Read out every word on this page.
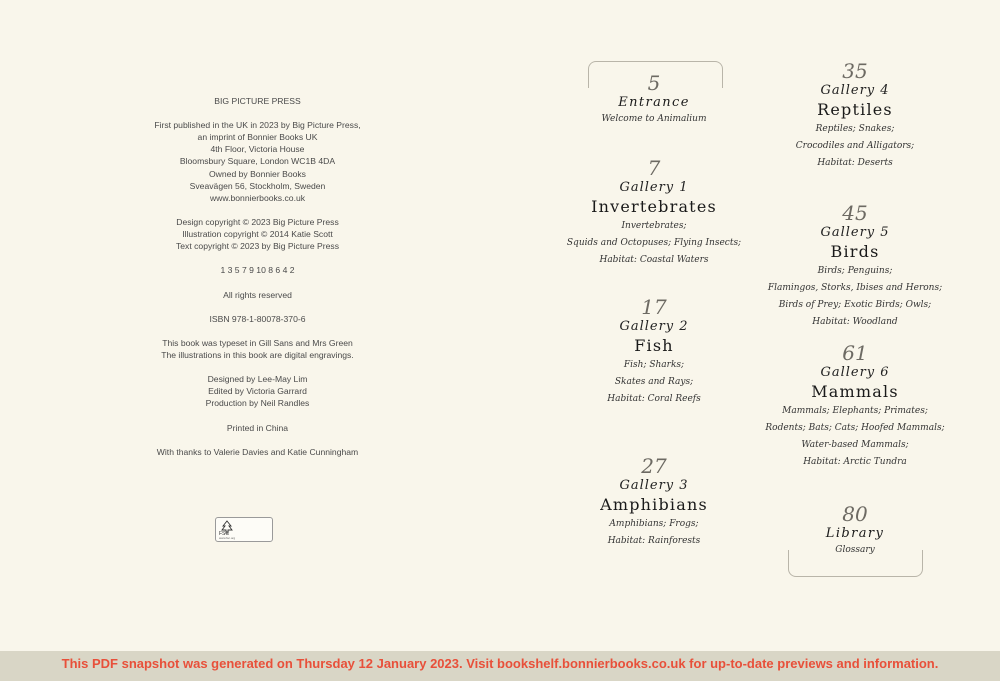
BIG PICTURE PRESS
First published in the UK in 2023 by Big Picture Press,
an imprint of Bonnier Books UK
4th Floor, Victoria House
Bloomsbury Square, London WC1B 4DA
Owned by Bonnier Books
Sveavägen 56, Stockholm, Sweden
www.bonnierbooks.co.uk
Design copyright © 2023 Big Picture Press
Illustration copyright © 2014 Katie Scott
Text copyright © 2023 by Big Picture Press
1 3 5 7 9 10 8 6 4 2
All rights reserved
ISBN 978-1-80078-370-6
This book was typeset in Gill Sans and Mrs Green
The illustrations in this book are digital engravings.
Designed by Lee-May Lim
Edited by Victoria Garrard
Production by Neil Randles
Printed in China
With thanks to Valerie Davies and Katie Cunningham
FSC
www.fsc.org
5
Entrance
Welcome to Animalium
7
Gallery 1
Invertebrates
Invertebrates;
Squids and Octopuses; Flying Insects;
Habitat: Coastal Waters
17
Gallery 2
Fish
Fish; Sharks;
Skates and Rays;
Habitat: Coral Reefs
27
Gallery 3
Amphibians
Amphibians; Frogs;
Habitat: Rainforests
35
Gallery 4
Reptiles
Reptiles; Snakes;
Crocodiles and Alligators;
Habitat: Deserts
45
Gallery 5
Birds
Birds; Penguins;
Flamingos, Storks, Ibises and Herons;
Birds of Prey; Exotic Birds; Owls;
Habitat: Woodland
61
Gallery 6
Mammals
Mammals; Elephants; Primates;
Rodents; Bats; Cats; Hoofed Mammals;
Water-based Mammals;
Habitat: Arctic Tundra
80
Library
Glossary
This PDF snapshot was generated on Thursday 12 January 2023. Visit bookshelf.bonnierbooks.co.uk for up-to-date previews and information.
